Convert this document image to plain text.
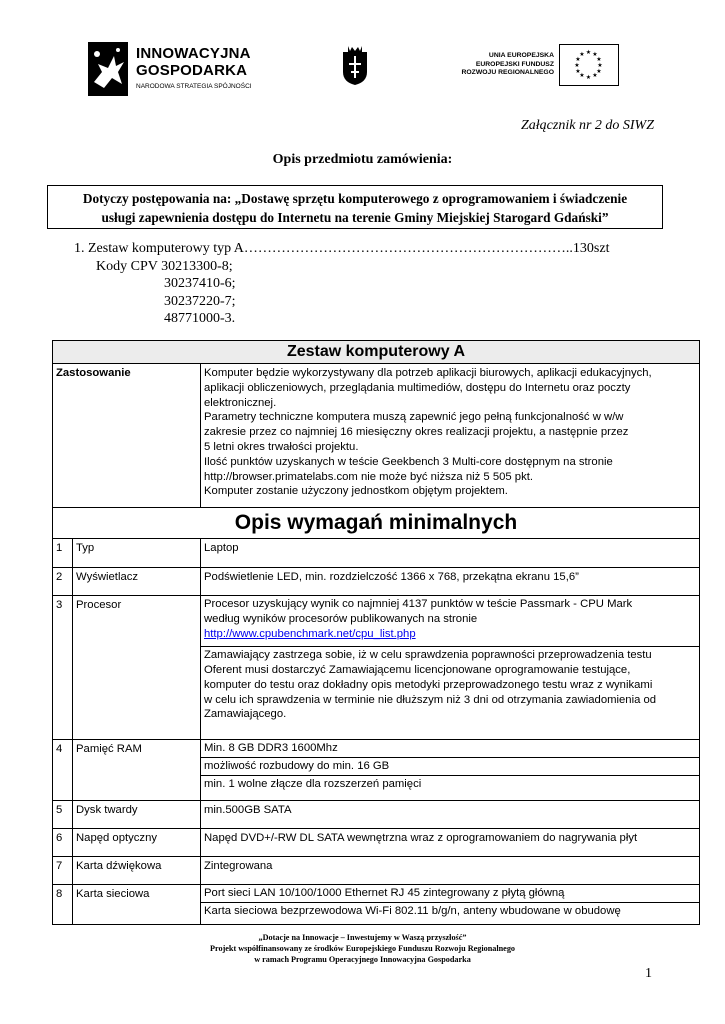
INNOWACYJNA
GOSPODARKA
NARODOWA STRATEGIA SPÓJNOŚCI
UNIA EUROPEJSKA
EUROPEJSKI FUNDUSZ
ROZWOJU REGIONALNEGO
★ ★
★
★
★
★
★
★
★
★
★
★
Załącznik nr 2 do SIWZ
Opis przedmiotu zamówienia:
Dotyczy postępowania na: „Dostawę sprzętu komputerowego z oprogramowaniem i świadczenie
usługi zapewnienia dostępu do Internetu na terenie Gminy Miejskiej Starogard Gdański”
1. Zestaw komputerowy typ A……………………………………………………………..130szt
Kody CPV 30213300-8;
30237410-6;
30237220-7;
48771000-3.
Zestaw komputerowy A
Zastosowanie	Komputer będzie wykorzystywany dla potrzeb aplikacji biurowych, aplikacji edukacyjnych,
aplikacji obliczeniowych, przeglądania multimediów, dostępu do Internetu oraz poczty
elektronicznej.
Parametry techniczne komputera muszą zapewnić jego pełną funkcjonalność w w/w
zakresie przez co najmniej 16 miesięczny okres realizacji projektu, a następnie przez
5 letni okres trwałości projektu.
Ilość punktów uzyskanych w teście Geekbench 3 Multi-core dostępnym na stronie
http://browser.primatelabs.com nie może być niższa niż 5 505 pkt.
Komputer zostanie użyczony jednostkom objętym projektem.
Opis wymagań minimalnych
1	Typ	Laptop
2	Wyświetlacz	Podświetlenie LED, min. rozdzielczość 1366 x 768, przekątna ekranu 15,6”
3	Procesor	Procesor uzyskujący wynik co najmniej 4137 punktów w teście Passmark - CPU Mark
według wyników procesorów publikowanych na stronie
http://www.cpubenchmark.net/cpu_list.php
Zamawiający zastrzega sobie, iż w celu sprawdzenia poprawności przeprowadzenia testu
Oferent musi dostarczyć Zamawiającemu licencjonowane oprogramowanie testujące,
komputer do testu oraz dokładny opis metodyki przeprowadzonego testu wraz z wynikami
w celu ich sprawdzenia w terminie nie dłuższym niż 3 dni od otrzymania zawiadomienia od
Zamawiającego.
4	Pamięć RAM	Min. 8 GB DDR3 1600Mhz
możliwość rozbudowy do min. 16 GB
min. 1 wolne złącze dla rozszerzeń pamięci
5	Dysk twardy	min.500GB SATA
6	Napęd optyczny	Napęd DVD+/-RW DL SATA wewnętrzna wraz z oprogramowaniem do nagrywania płyt
7	Karta dźwiękowa	Zintegrowana
8	Karta sieciowa	Port sieci LAN 10/100/1000 Ethernet RJ 45 zintegrowany z płytą główną
Karta sieciowa bezprzewodowa Wi-Fi 802.11 b/g/n, anteny wbudowane w obudowę
„Dotacje na Innowacje – Inwestujemy w Waszą przyszłość”
Projekt współfinansowany ze środków Europejskiego Funduszu Rozwoju Regionalnego
w ramach Programu Operacyjnego Innowacyjna Gospodarka
1
